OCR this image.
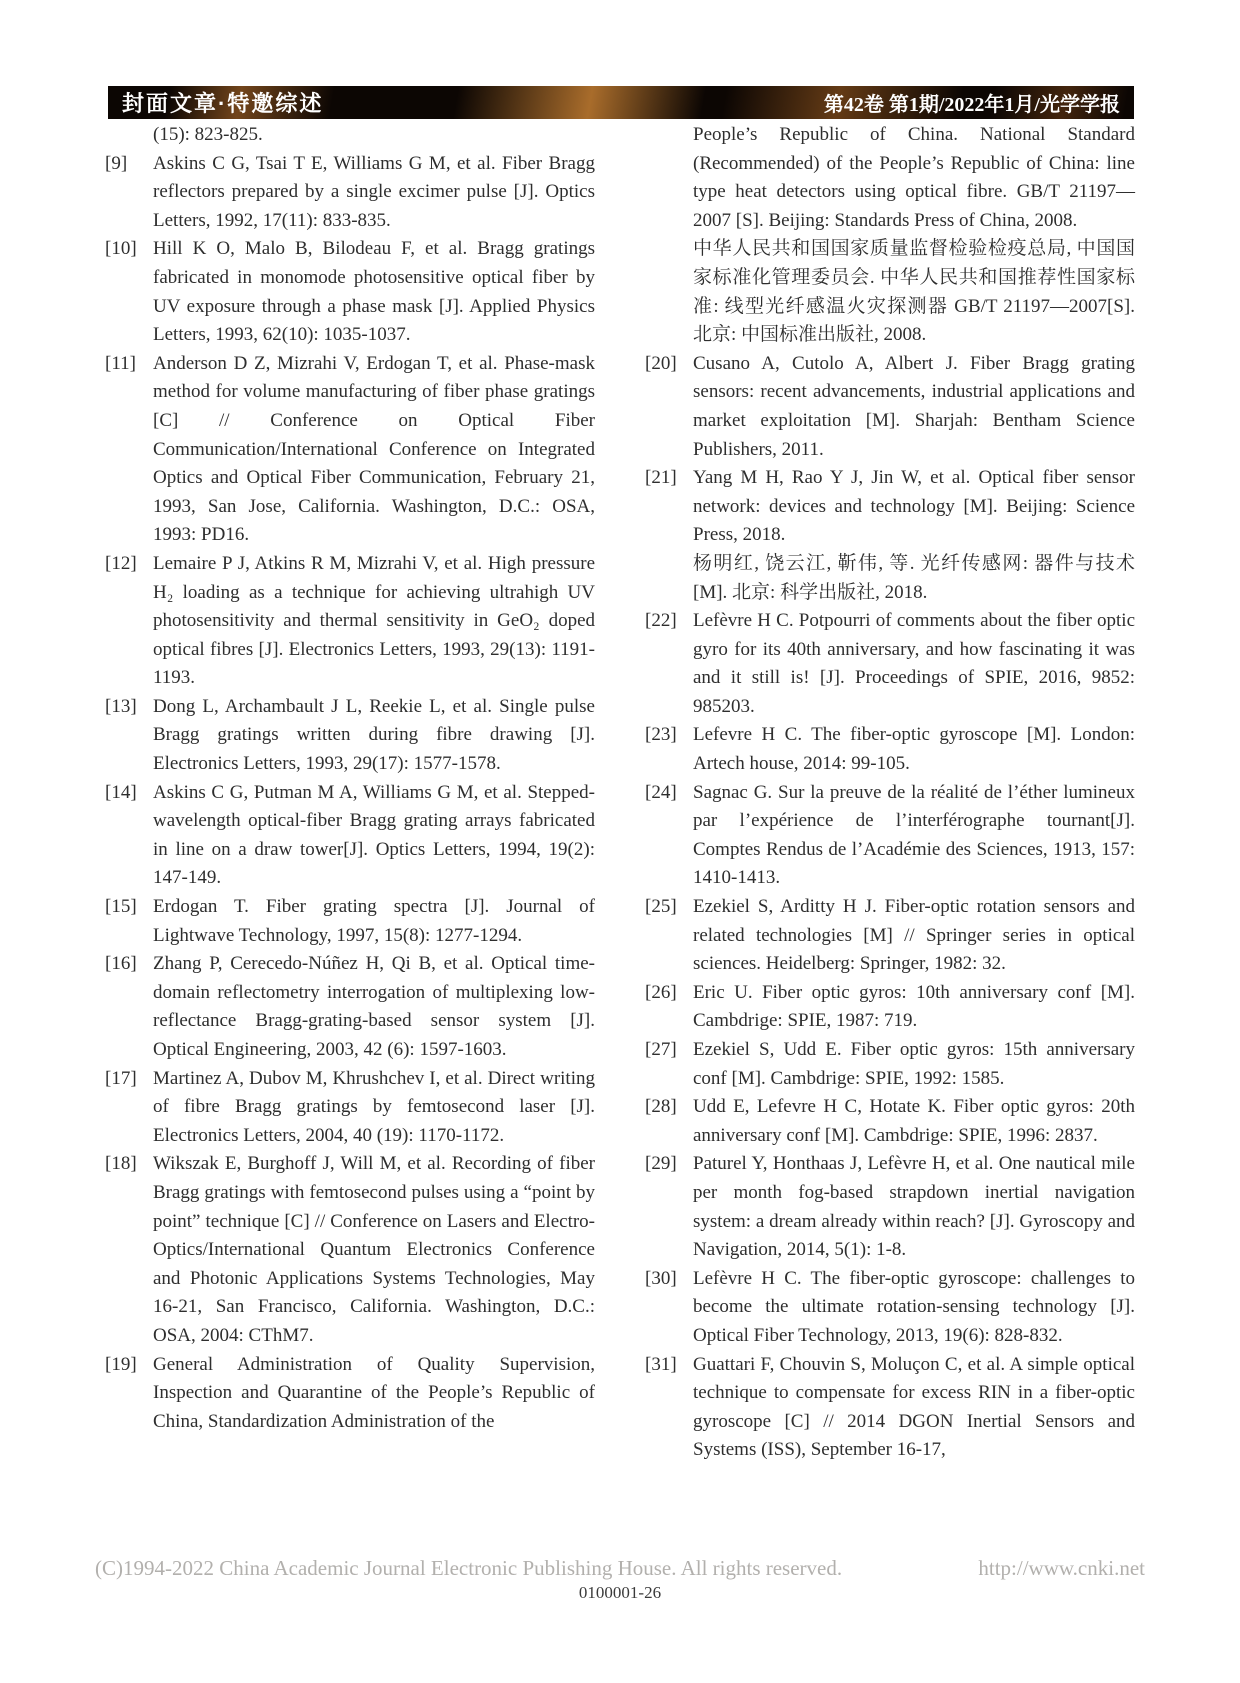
封面文章·特邀综述	第42卷 第1期/2022年1月/光学学报
(15): 823-825.
[9]	Askins C G, Tsai T E, Williams G M, et al. Fiber Bragg reflectors prepared by a single excimer pulse [J]. Optics Letters, 1992, 17(11): 833-835.
[10] Hill K O, Malo B, Bilodeau F, et al. Bragg gratings fabricated in monomode photosensitive optical fiber by UV exposure through a phase mask [J]. Applied Physics Letters, 1993, 62(10): 1035-1037.
[11] Anderson D Z, Mizrahi V, Erdogan T, et al. Phase-mask method for volume manufacturing of fiber phase gratings [C] // Conference on Optical Fiber Communication/International Conference on Integrated Optics and Optical Fiber Communication, February 21, 1993, San Jose, California. Washington, D.C.: OSA, 1993: PD16.
[12] Lemaire P J, Atkins R M, Mizrahi V, et al. High pressure H₂ loading as a technique for achieving ultrahigh UV photosensitivity and thermal sensitivity in GeO₂ doped optical fibres [J]. Electronics Letters, 1993, 29(13): 1191-1193.
[13] Dong L, Archambault J L, Reekie L, et al. Single pulse Bragg gratings written during fibre drawing [J]. Electronics Letters, 1993, 29(17): 1577-1578.
[14] Askins C G, Putman M A, Williams G M, et al. Stepped-wavelength optical-fiber Bragg grating arrays fabricated in line on a draw tower[J]. Optics Letters, 1994, 19(2): 147-149.
[15] Erdogan T. Fiber grating spectra [J]. Journal of Lightwave Technology, 1997, 15(8): 1277-1294.
[16] Zhang P, Cerecedo-Núñez H, Qi B, et al. Optical time-domain reflectometry interrogation of multiplexing low-reflectance Bragg-grating-based sensor system [J]. Optical Engineering, 2003, 42 (6): 1597-1603.
[17] Martinez A, Dubov M, Khrushchev I, et al. Direct writing of fibre Bragg gratings by femtosecond laser [J]. Electronics Letters, 2004, 40 (19): 1170-1172.
[18] Wikszak E, Burghoff J, Will M, et al. Recording of fiber Bragg gratings with femtosecond pulses using a “point by point” technique [C] // Conference on Lasers and Electro-Optics/International Quantum Electronics Conference and Photonic Applications Systems Technologies, May 16-21, San Francisco, California. Washington, D.C.: OSA, 2004: CThM7.
[19] General Administration of Quality Supervision, Inspection and Quarantine of the People’s Republic of China, Standardization Administration of the
People’s Republic of China. National Standard (Recommended) of the People’s Republic of China: line type heat detectors using optical fibre. GB/T 21197—2007 [S]. Beijing: Standards Press of China, 2008.
中华人民共和国国家质量监督检验检疫总局, 中国国家标准化管理委员会. 中华人民共和国推荐性国家标准: 线型光纤感温火灾探测器 GB/T 21197—2007[S]. 北京: 中国标准出版社, 2008.
[20] Cusano A, Cutolo A, Albert J. Fiber Bragg grating sensors: recent advancements, industrial applications and market exploitation [M]. Sharjah: Bentham Science Publishers, 2011.
[21] Yang M H, Rao Y J, Jin W, et al. Optical fiber sensor network: devices and technology [M]. Beijing: Science Press, 2018.
杨明红, 饶云江, 靳伟, 等. 光纤传感网: 器件与技术[M]. 北京: 科学出版社, 2018.
[22] Lefèvre H C. Potpourri of comments about the fiber optic gyro for its 40th anniversary, and how fascinating it was and it still is! [J]. Proceedings of SPIE, 2016, 9852: 985203.
[23] Lefevre H C. The fiber-optic gyroscope [M]. London: Artech house, 2014: 99-105.
[24] Sagnac G. Sur la preuve de la réalité de l’éther lumineux par l’expérience de l’interférographe tournant[J]. Comptes Rendus de l’Académie des Sciences, 1913, 157: 1410-1413.
[25] Ezekiel S, Arditty H J. Fiber-optic rotation sensors and related technologies [M] // Springer series in optical sciences. Heidelberg: Springer, 1982: 32.
[26] Eric U. Fiber optic gyros: 10th anniversary conf [M]. Cambdrige: SPIE, 1987: 719.
[27] Ezekiel S, Udd E. Fiber optic gyros: 15th anniversary conf [M]. Cambdrige: SPIE, 1992: 1585.
[28] Udd E, Lefevre H C, Hotate K. Fiber optic gyros: 20th anniversary conf [M]. Cambdrige: SPIE, 1996: 2837.
[29] Paturel Y, Honthaas J, Lefèvre H, et al. One nautical mile per month fog-based strapdown inertial navigation system: a dream already within reach? [J]. Gyroscopy and Navigation, 2014, 5(1): 1-8.
[30] Lefèvre H C. The fiber-optic gyroscope: challenges to become the ultimate rotation-sensing technology [J]. Optical Fiber Technology, 2013, 19(6): 828-832.
[31] Guattari F, Chouvin S, Moluçon C, et al. A simple optical technique to compensate for excess RIN in a fiber-optic gyroscope [C] // 2014 DGON Inertial Sensors and Systems (ISS), September 16-17,
(C)1994-2022 China Academic Journal Electronic Publishing House. All rights reserved.	http://www.cnki.net
0100001-26
